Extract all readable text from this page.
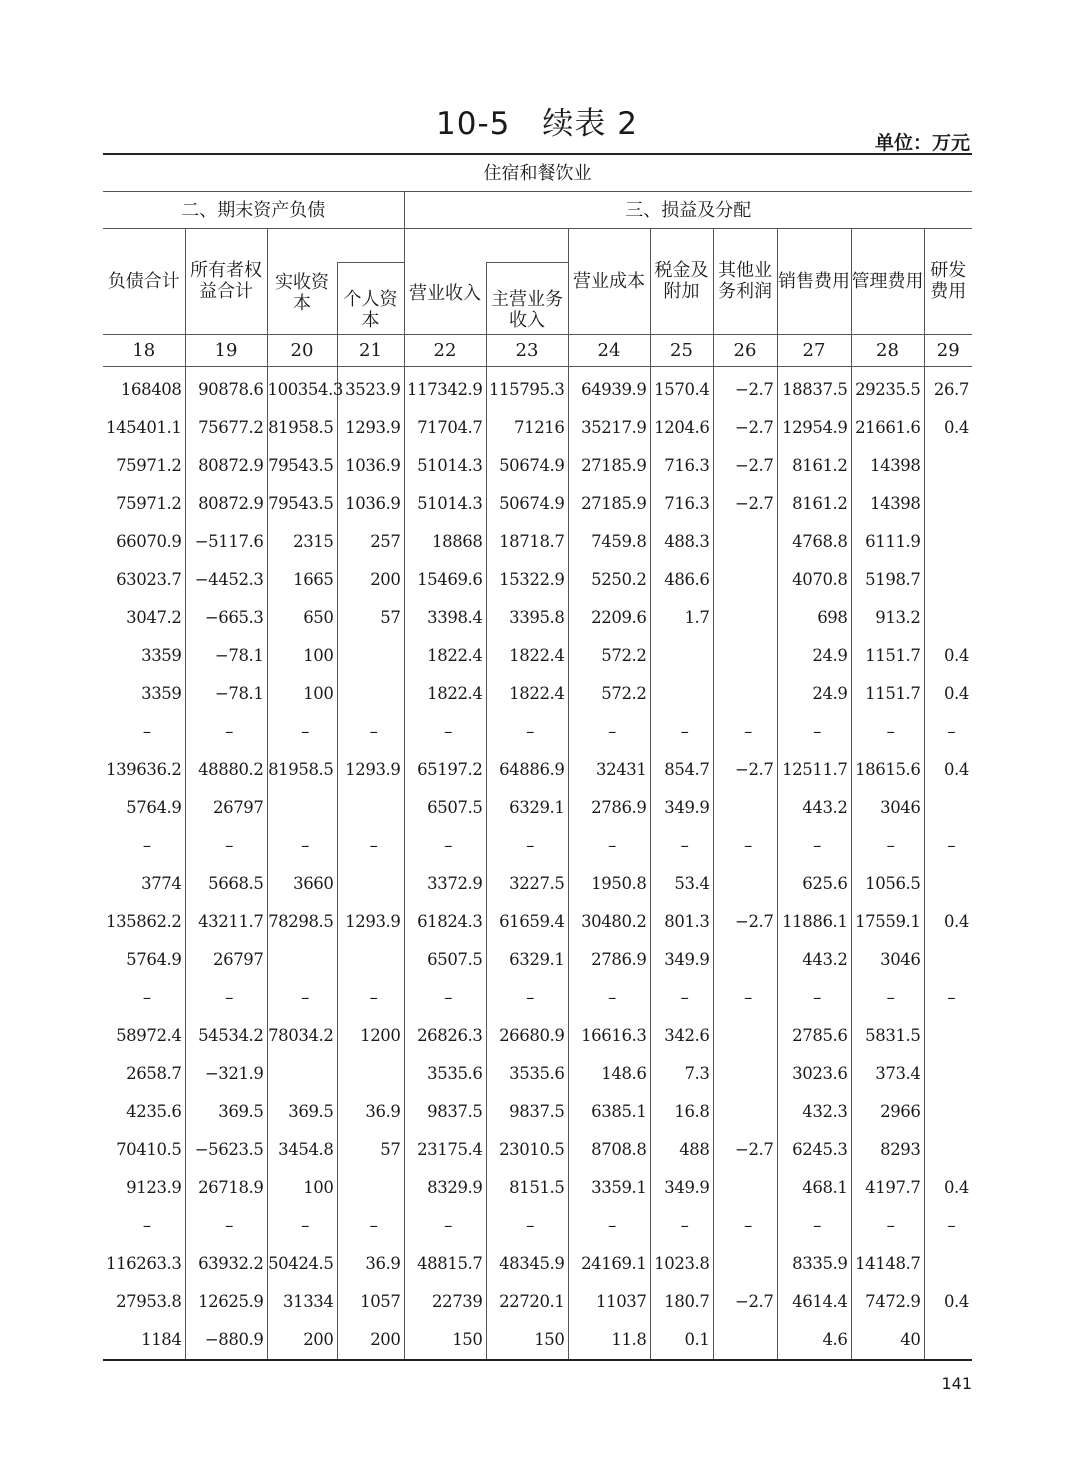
10-5　续表 2
单位：万元
住宿和餐饮业											
二、期末资产负债				三、损益及分配							
负债合计	所有者权益合计					营业成本	税金及附加	其他业务利润	销售费用	管理费用	研发费用
		实收资本	个人资本	营业收入	主营业务收入						
18	19	20	21	22	23	24	25	26	27	28	29
168408	90878.6	100354.3	3523.9	117342.9	115795.3	64939.9	1570.4	−2.7	18837.5	29235.5	26.7
145401.1	75677.2	81958.5	1293.9	71704.7	71216	35217.9	1204.6	−2.7	12954.9	21661.6	0.4
75971.2	80872.9	79543.5	1036.9	51014.3	50674.9	27185.9	716.3	−2.7	8161.2	14398	
75971.2	80872.9	79543.5	1036.9	51014.3	50674.9	27185.9	716.3	−2.7	8161.2	14398	
66070.9	−5117.6	2315	257	18868	18718.7	7459.8	488.3		4768.8	6111.9	
63023.7	−4452.3	1665	200	15469.6	15322.9	5250.2	486.6		4070.8	5198.7	
3047.2	−665.3	650	57	3398.4	3395.8	2209.6	1.7		698	913.2	
3359	−78.1	100		1822.4	1822.4	572.2			24.9	1151.7	0.4
3359	−78.1	100		1822.4	1822.4	572.2			24.9	1151.7	0.4
–	–	–	–	–	–	–	–	–	–	–	–
139636.2	48880.2	81958.5	1293.9	65197.2	64886.9	32431	854.7	−2.7	12511.7	18615.6	0.4
5764.9	26797			6507.5	6329.1	2786.9	349.9		443.2	3046	
–	–	–	–	–	–	–	–	–	–	–	–
3774	5668.5	3660		3372.9	3227.5	1950.8	53.4		625.6	1056.5	
135862.2	43211.7	78298.5	1293.9	61824.3	61659.4	30480.2	801.3	−2.7	11886.1	17559.1	0.4
5764.9	26797			6507.5	6329.1	2786.9	349.9		443.2	3046	
–	–	–	–	–	–	–	–	–	–	–	–
58972.4	54534.2	78034.2	1200	26826.3	26680.9	16616.3	342.6		2785.6	5831.5	
2658.7	−321.9			3535.6	3535.6	148.6	7.3		3023.6	373.4	
4235.6	369.5	369.5	36.9	9837.5	9837.5	6385.1	16.8		432.3	2966	
70410.5	−5623.5	3454.8	57	23175.4	23010.5	8708.8	488	−2.7	6245.3	8293	
9123.9	26718.9	100		8329.9	8151.5	3359.1	349.9		468.1	4197.7	0.4
–	–	–	–	–	–	–	–	–	–	–	–
116263.3	63932.2	50424.5	36.9	48815.7	48345.9	24169.1	1023.8		8335.9	14148.7	
27953.8	12625.9	31334	1057	22739	22720.1	11037	180.7	−2.7	4614.4	7472.9	0.4
1184	−880.9	200	200	150	150	11.8	0.1		4.6	40	
141
